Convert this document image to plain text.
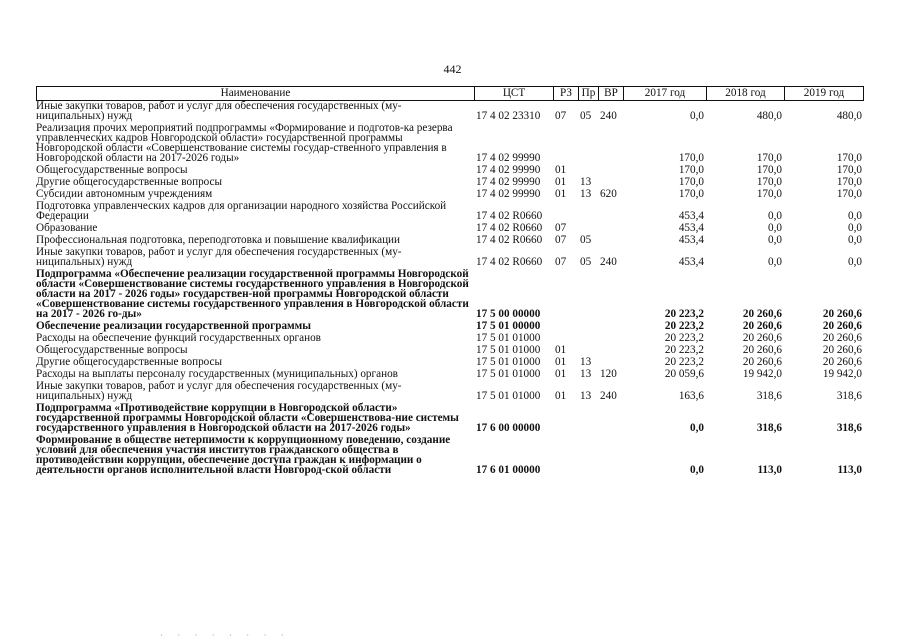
442
Наименование	ЦСТ	РЗ Пр ВР	2017 год	2018 год	2019 год
Иные закупки товаров, работ и услуг для обеспечения государственных (му-ниципальных) нужд	17 4 02 23310	07	05 240	0,0	480,0	480,0
Реализация прочих мероприятий подпрограммы «Формирование и подготов-ка резерва управленческих кадров Новгородской области» государственной программы Новгородской области «Совершенствование системы государ-ственного управления в Новгородской области на 2017-2026 годы»	17 4 02 99990	170,0	170,0	170,0
Общегосударственные вопросы	17 4 02 99990	01	170,0	170,0	170,0
Другие общегосударственные вопросы	17 4 02 99990	01	13	170,0	170,0	170,0
Субсидии автономным учреждениям	17 4 02 99990	01	13 620	170,0	170,0	170,0
Подготовка управленческих кадров для организации народного хозяйства Российской Федерации	17 4 02 R0660	453,4	0,0	0,0
Образование	17 4 02 R0660	07	453,4	0,0	0,0
Профессиональная подготовка, переподготовка и повышение квалификации	17 4 02 R0660	07	05	453,4	0,0	0,0
Иные закупки товаров, работ и услуг для обеспечения государственных (му-ниципальных) нужд	17 4 02 R0660	07	05 240	453,4	0,0	0,0
Подпрограмма «Обеспечение реализации государственной программы Новгородской области «Совершенствование системы государственного управления в Новгородской области на 2017 - 2026 годы» государствен-ной программы Новгородской области «Совершенствование системы государственного управления в Новгородской области на 2017 - 2026 го-ды»	17 5 00 00000	20 223,2	20 260,6	20 260,6
Обеспечение реализации государственной программы	17 5 01 00000	20 223,2	20 260,6	20 260,6
Расходы на обеспечение функций государственных органов	17 5 01 01000	20 223,2	20 260,6	20 260,6
Общегосударственные вопросы	17 5 01 01000	01	20 223,2	20 260,6	20 260,6
Другие общегосударственные вопросы	17 5 01 01000	01	13	20 223,2	20 260,6	20 260,6
Расходы на выплаты персоналу государственных (муниципальных) органов	17 5 01 01000	01	13 120	20 059,6	19 942,0	19 942,0
Иные закупки товаров, работ и услуг для обеспечения государственных (му-ниципальных) нужд	17 5 01 01000	01	13 240	163,6	318,6	318,6
Подпрограмма «Противодействие коррупции в Новгородской области» государственной программы Новгородской области «Совершенствова-ние системы государственного управления в Новгородской области на 2017-2026 годы»	17 6 00 00000	0,0	318,6	318,6
Формирование в обществе нетерпимости к коррупционному поведению, создание условий для обеспечения участия институтов гражданского общества в противодействии коррупции, обеспечение доступа граждан к информации о деятельности органов исполнительной власти Новгород-ской области	17 6 01 00000	0,0	113,0	113,0
· · · · · · · ·
